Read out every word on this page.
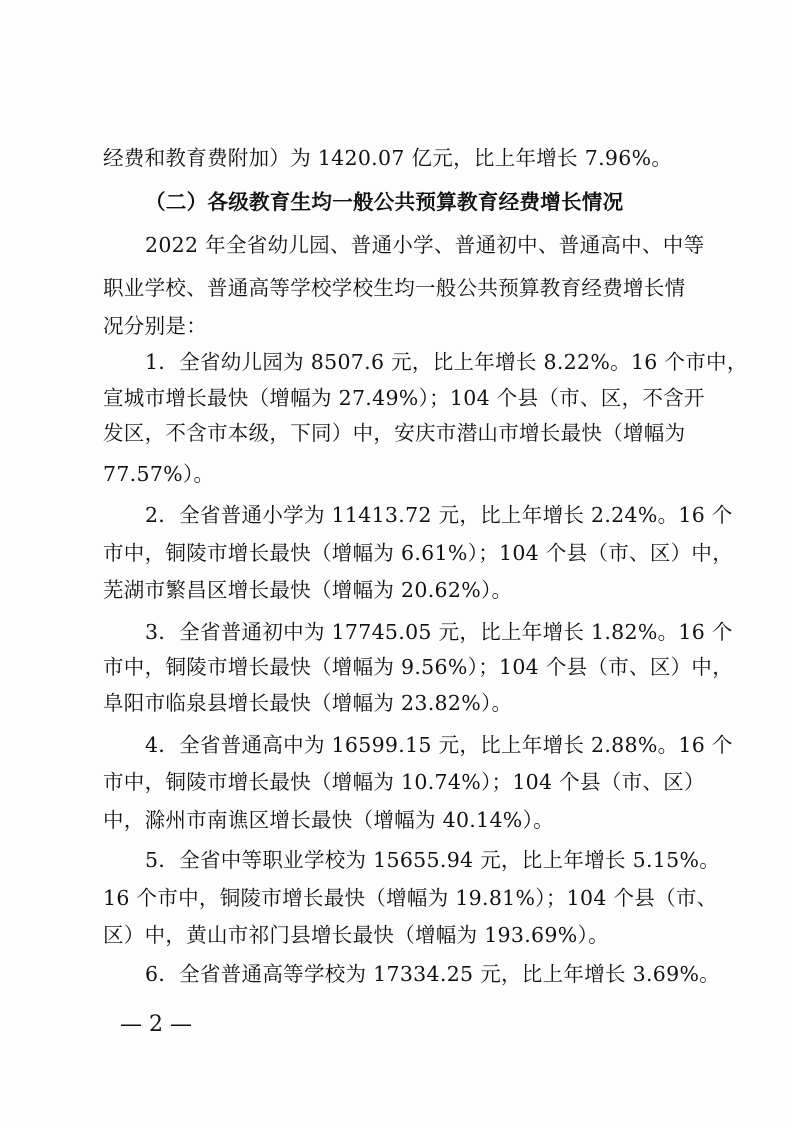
经费和教育费附加）为 1420.07 亿元，比上年增长 7.96%。
（二）各级教育生均一般公共预算教育经费增长情况
2022 年全省幼儿园、普通小学、普通初中、普通高中、中等
职业学校、普通高等学校学校生均一般公共预算教育经费增长情
况分别是：
1．全省幼儿园为 8507.6 元，比上年增长 8.22%。16 个市中，
宣城市增长最快（增幅为 27.49%）；104 个县（市、区，不含开
发区，不含市本级，下同）中，安庆市潜山市增长最快（增幅为
77.57%）。
2．全省普通小学为 11413.72 元，比上年增长 2.24%。16 个
市中，铜陵市增长最快（增幅为 6.61%）；104 个县（市、区）中，
芜湖市繁昌区增长最快（增幅为 20.62%）。
3．全省普通初中为 17745.05 元，比上年增长 1.82%。16 个
市中，铜陵市增长最快（增幅为 9.56%）；104 个县（市、区）中，
阜阳市临泉县增长最快（增幅为 23.82%）。
4．全省普通高中为 16599.15 元，比上年增长 2.88%。16 个
市中，铜陵市增长最快（增幅为 10.74%）；104 个县（市、区）
中，滁州市南谯区增长最快（增幅为 40.14%）。
5．全省中等职业学校为 15655.94 元，比上年增长 5.15%。
16 个市中，铜陵市增长最快（增幅为 19.81%）；104 个县（市、
区）中，黄山市祁门县增长最快（增幅为 193.69%）。
6．全省普通高等学校为 17334.25 元，比上年增长 3.69%。
— 2 —
